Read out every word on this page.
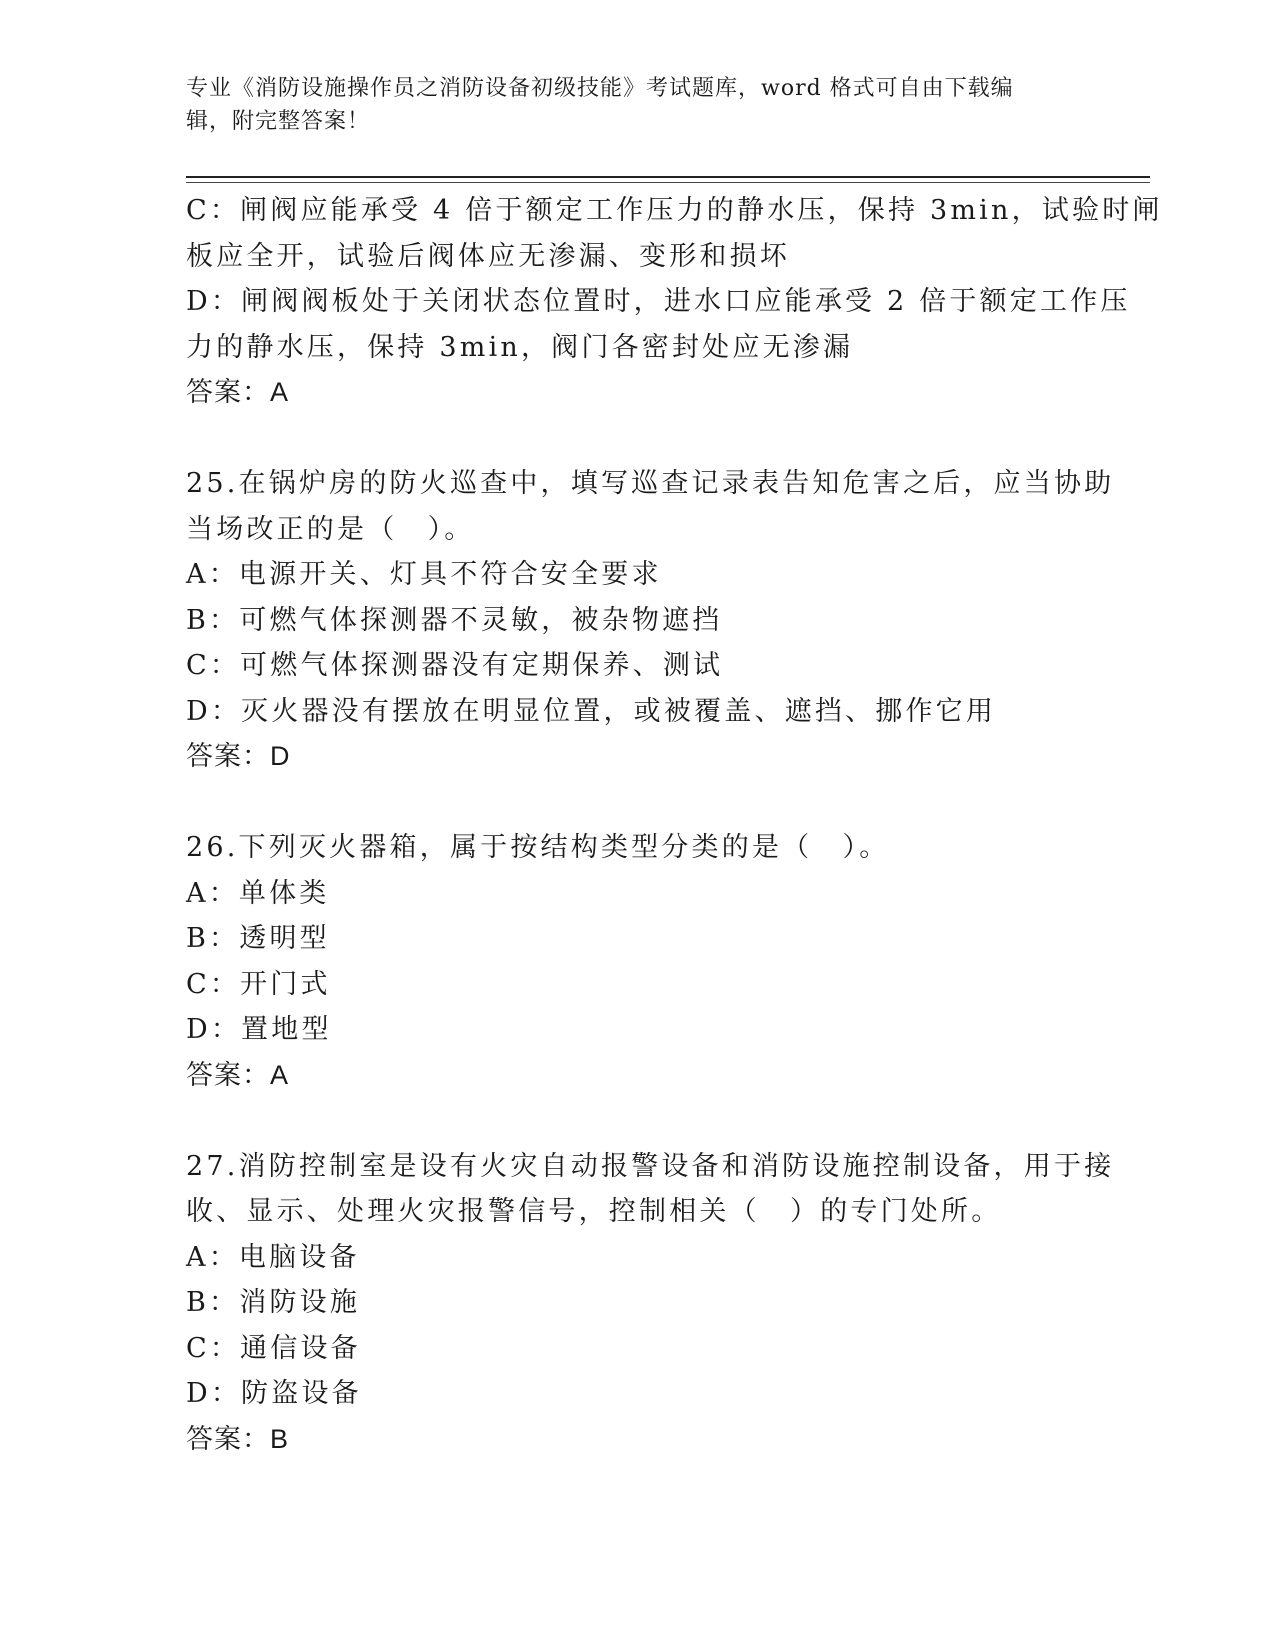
专业《消防设施操作员之消防设备初级技能》考试题库，word 格式可自由下载编
辑，附完整答案！

C：闸阀应能承受 4 倍于额定工作压力的静水压，保持 3min，试验时闸

板应全开，试验后阀体应无渗漏、变形和损坏

D：闸阀阀板处于关闭状态位置时，进水口应能承受 2 倍于额定工作压

力的静水压，保持 3min，阀门各密封处应无渗漏

答案：A

25.在锅炉房的防火巡查中，填写巡查记录表告知危害之后，应当协助

当场改正的是（　）。

A：电源开关、灯具不符合安全要求

B：可燃气体探测器不灵敏，被杂物遮挡

C：可燃气体探测器没有定期保养、测试

D：灭火器没有摆放在明显位置，或被覆盖、遮挡、挪作它用

答案：D

26.下列灭火器箱，属于按结构类型分类的是（　）。

A：单体类

B：透明型

C：开门式

D：置地型

答案：A

27.消防控制室是设有火灾自动报警设备和消防设施控制设备，用于接

收、显示、处理火灾报警信号，控制相关（　）的专门处所。

A：电脑设备

B：消防设施

C：通信设备

D：防盗设备

答案：B
